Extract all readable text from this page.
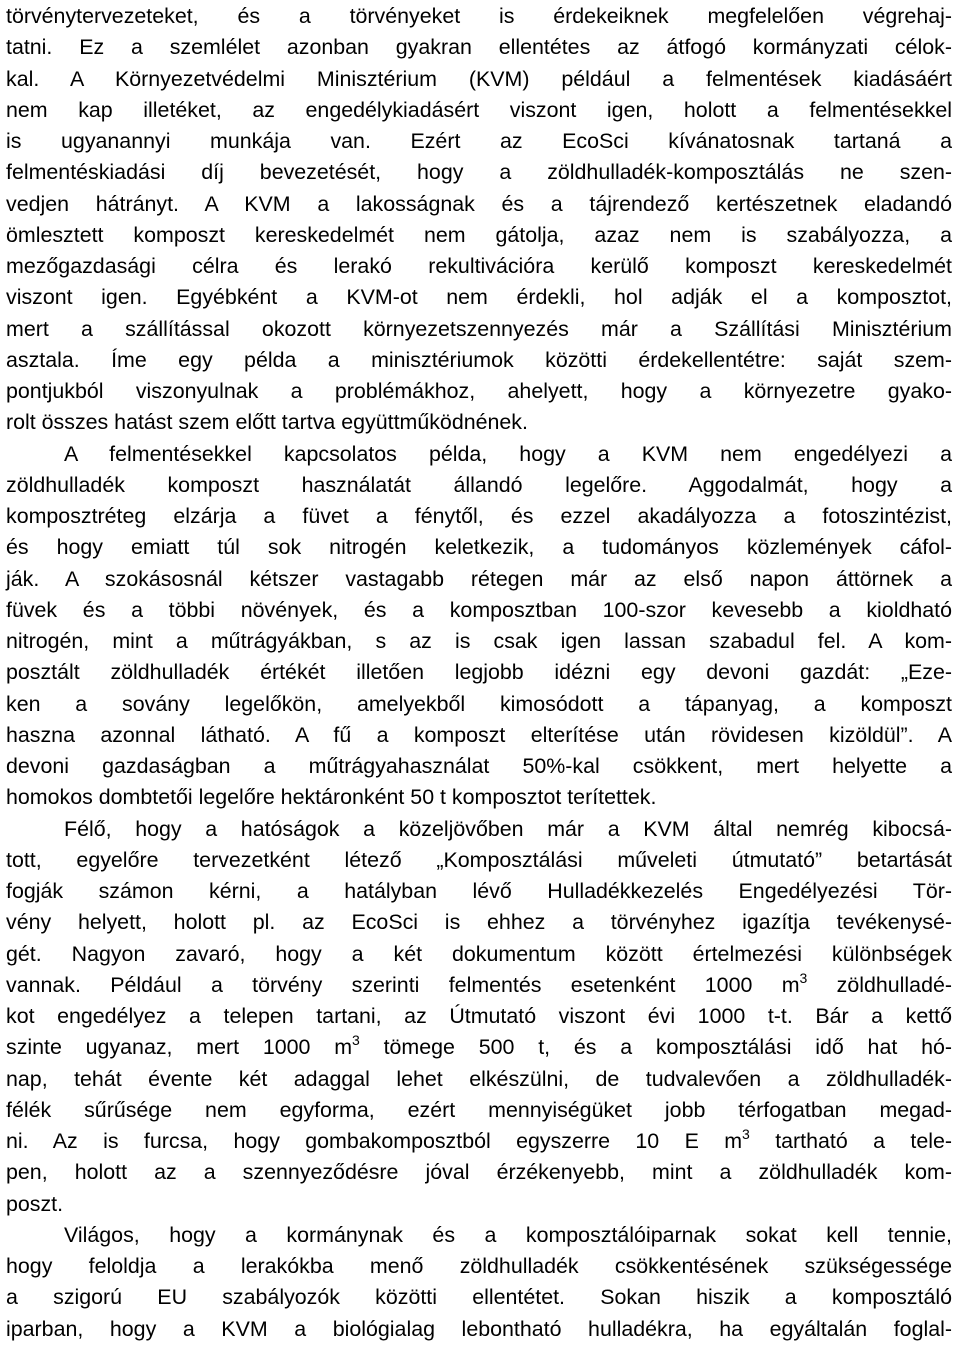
törvénytervezeteket, és a törvényeket is érdekeiknek megfelelően végrehaj-
tatni. Ez a szemlélet azonban gyakran ellentétes az átfogó kormányzati célok-
kal. A Környezetvédelmi Minisztérium (KVM) például a felmentések kiadásáért
nem kap illetéket, az engedélykiadásért viszont igen, holott a felmentésekkel
is ugyanannyi munkája van. Ezért az EcoSci kívánatosnak tartaná a
felmentéskiadási díj bevezetését, hogy a zöldhulladék-komposztálás ne szen-
vedjen hátrányt. A KVM a lakosságnak és a tájrendező kertészetnek eladandó
ömlesztett komposzt kereskedelmét nem gátolja, azaz nem is szabályozza, a
mezőgazdasági célra és lerakó rekultivációra kerülő komposzt kereskedelmét
viszont igen. Egyébként a KVM-ot nem érdekli, hol adják el a komposztot,
mert a szállítással okozott környezetszennyezés már a Szállítási Minisztérium
asztala. Íme egy példa a minisztériumok közötti érdekellentétre: saját szem-
pontjukból viszonyulnak a problémákhoz, ahelyett, hogy a környezetre gyako-
rolt összes hatást szem előtt tartva együttműködnének.
A felmentésekkel kapcsolatos példa, hogy a KVM nem engedélyezi a
zöldhulladék komposzt használatát állandó legelőre. Aggodalmát, hogy a
komposztréteg elzárja a füvet a fénytől, és ezzel akadályozza a fotoszintézist,
és hogy emiatt túl sok nitrogén keletkezik, a tudományos közlemények cáfol-
ják. A szokásosnál kétszer vastagabb rétegen már az első napon áttörnek a
füvek és a többi növények, és a komposztban 100-szor kevesebb a kioldható
nitrogén, mint a műtrágyákban, s az is csak igen lassan szabadul fel. A kom-
posztált zöldhulladék értékét illetően legjobb idézni egy devoni gazdát: „Eze-
ken a sovány legelőkön, amelyekből kimosódott a tápanyag, a komposzt
haszna azonnal látható. A fű a komposzt elterítése után rövidesen kizöldül”. A
devoni gazdaságban a műtrágyahasználat 50%-kal csökkent, mert helyette a
homokos dombtetői legelőre hektáronként 50 t komposztot terítettek.
Félő, hogy a hatóságok a közeljövőben már a KVM által nemrég kibocsá-
tott, egyelőre tervezetként létező „Komposztálási műveleti útmutató” betartását
fogják számon kérni, a hatályban lévő Hulladékkezelés Engedélyezési Tör-
vény helyett, holott pl. az EcoSci is ehhez a törvényhez igazítja tevékenysé-
gét. Nagyon zavaró, hogy a két dokumentum között értelmezési különbségek
vannak. Például a törvény szerinti felmentés esetenként 1000 $m^3$ zöldhulladé-
kot engedélyez a telepen tartani, az Útmutató viszont évi 1000 t-t. Bár a kettő
szinte ugyanaz, mert 1000 $m^3$ tömege 500 t, és a komposztálási idő hat hó-
nap, tehát évente két adaggal lehet elkészülni, de tudvalevően a zöldhulladék-
félék sűrűsége nem egyforma, ezért mennyiségüket jobb térfogatban megad-
ni. Az is furcsa, hogy gombakomposztból egyszerre 10 E $m^3$ tartható a tele-
pen, holott az a szennyeződésre jóval érzékenyebb, mint a zöldhulladék kom-
poszt.
Világos, hogy a kormánynak és a komposztálóiparnak sokat kell tennie,
hogy feloldja a lerakókba menő zöldhulladék csökkentésének szükségessége
a szigorú EU szabályozók közötti ellentétet. Sokan hiszik a komposztáló
iparban, hogy a KVM a biológialag lebontható hulladékra, ha egyáltalán foglal-
